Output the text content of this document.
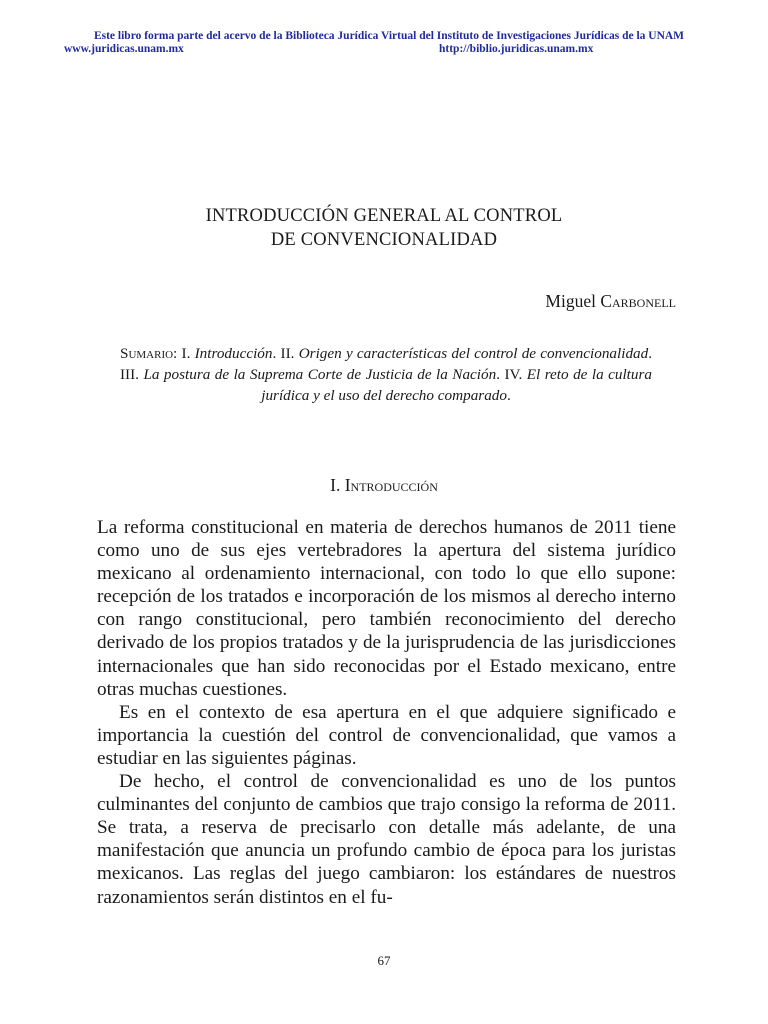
Este libro forma parte del acervo de la Biblioteca Jurídica Virtual del Instituto de Investigaciones Jurídicas de la UNAM
www.juridicas.unam.mx	http://biblio.juridicas.unam.mx
INTRODUCCIÓN GENERAL AL CONTROL
DE CONVENCIONALIDAD
Miguel Carbonell
Sumario: I. Introducción. II. Origen y características del control de convencionalidad. III. La postura de la Suprema Corte de Justicia de la Nación. IV. El reto de la cultura jurídica y el uso del derecho comparado.
I. Introducción

La reforma constitucional en materia de derechos humanos de 2011 tiene como uno de sus ejes vertebradores la apertura del sistema jurídico mexicano al ordenamiento internacional, con todo lo que ello supone: recepción de los tratados e incorporación de los mismos al derecho interno con rango constitucional, pero también reconocimiento del derecho derivado de los propios tratados y de la jurisprudencia de las jurisdicciones internacionales que han sido reconocidas por el Estado mexicano, entre otras muchas cuestiones.

Es en el contexto de esa apertura en el que adquiere significado e importancia la cuestión del control de convencionalidad, que vamos a estudiar en las siguientes páginas.

De hecho, el control de convencionalidad es uno de los puntos culminantes del conjunto de cambios que trajo consigo la reforma de 2011. Se trata, a reserva de precisarlo con detalle más adelante, de una manifestación que anuncia un profundo cambio de época para los juristas mexicanos. Las reglas del juego cambiaron: los estándares de nuestros razonamientos serán distintos en el fu-

67
